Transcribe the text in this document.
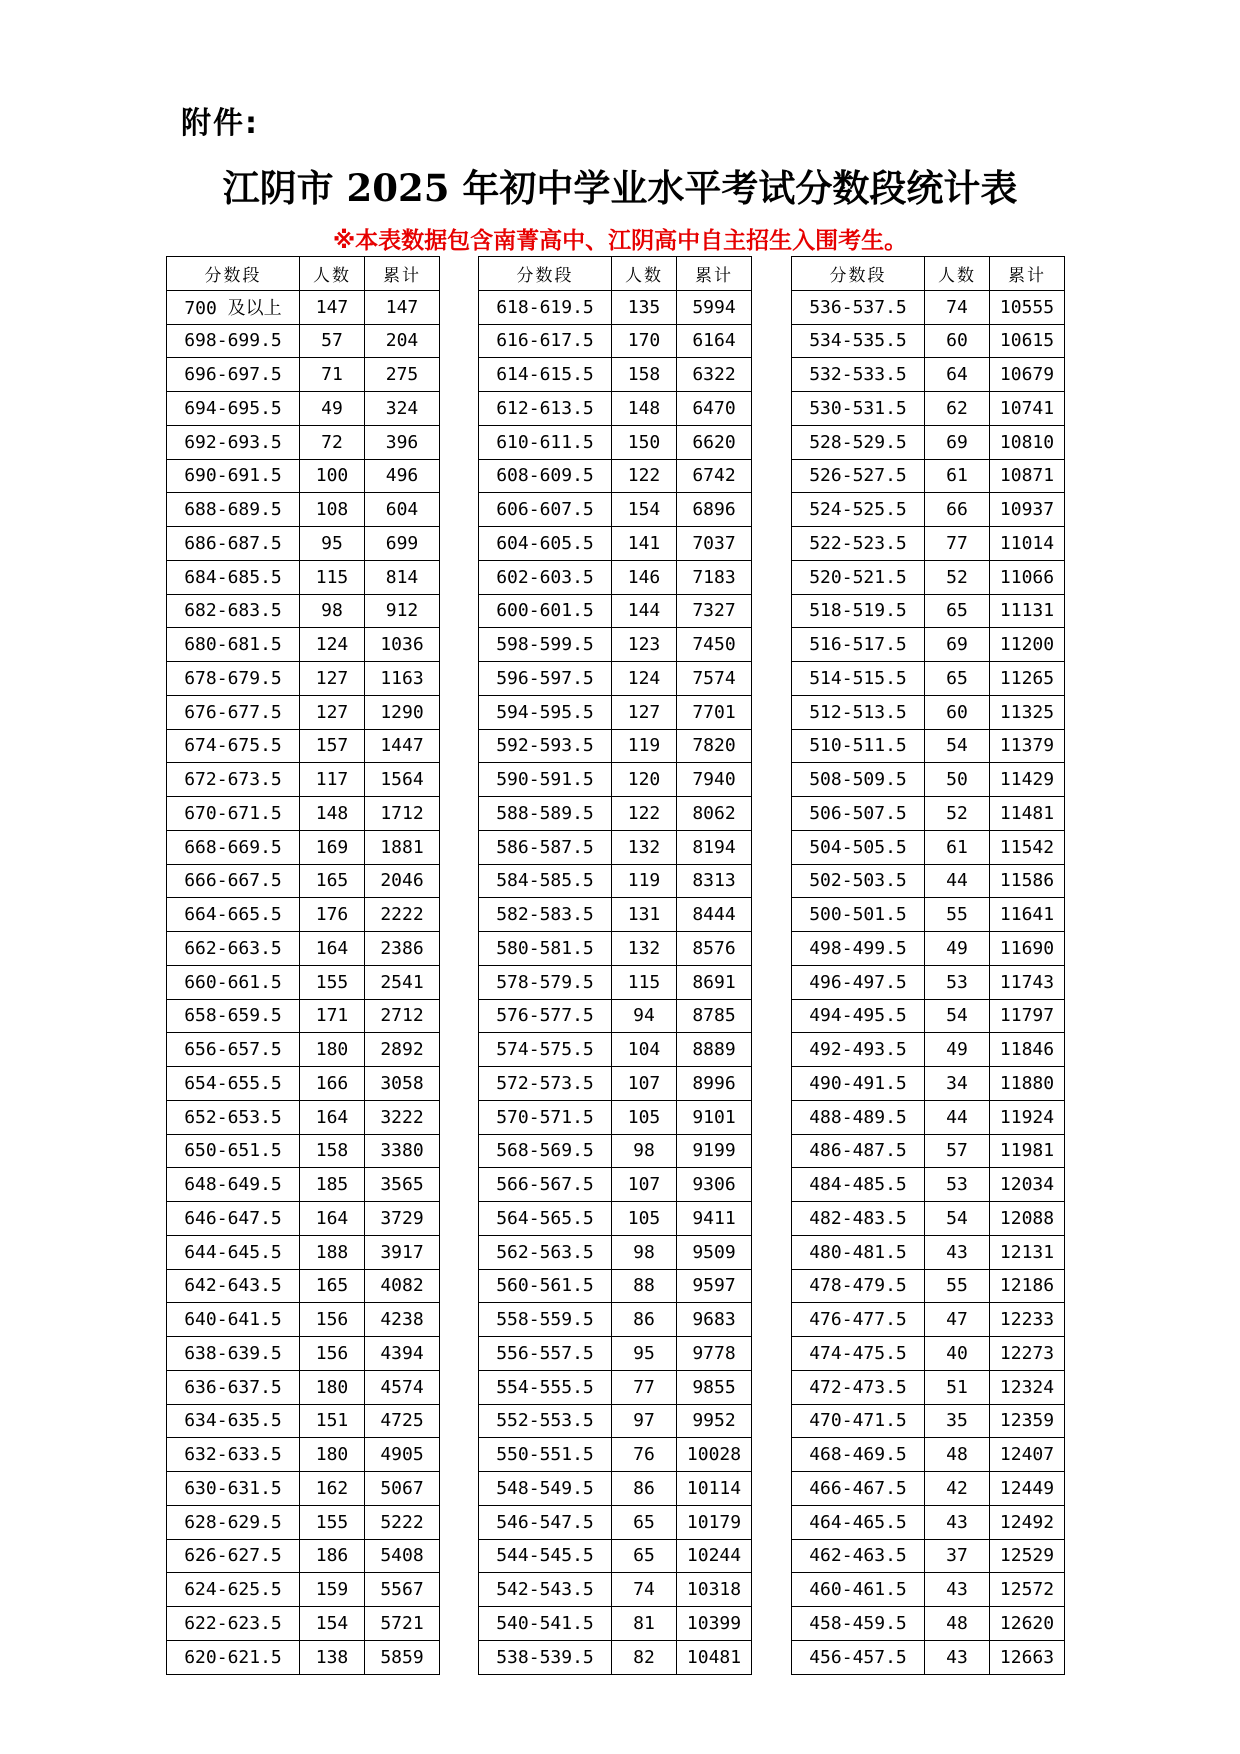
附件:
江阴市 2025 年初中学业水平考试分数段统计表
※本表数据包含南菁高中、江阴高中自主招生入围考生。
分数段	人数	累计
700 及以上	147	147
698-699.5	57	204
696-697.5	71	275
694-695.5	49	324
692-693.5	72	396
690-691.5	100	496
688-689.5	108	604
686-687.5	95	699
684-685.5	115	814
682-683.5	98	912
680-681.5	124	1036
678-679.5	127	1163
676-677.5	127	1290
674-675.5	157	1447
672-673.5	117	1564
670-671.5	148	1712
668-669.5	169	1881
666-667.5	165	2046
664-665.5	176	2222
662-663.5	164	2386
660-661.5	155	2541
658-659.5	171	2712
656-657.5	180	2892
654-655.5	166	3058
652-653.5	164	3222
650-651.5	158	3380
648-649.5	185	3565
646-647.5	164	3729
644-645.5	188	3917
642-643.5	165	4082
640-641.5	156	4238
638-639.5	156	4394
636-637.5	180	4574
634-635.5	151	4725
632-633.5	180	4905
630-631.5	162	5067
628-629.5	155	5222
626-627.5	186	5408
624-625.5	159	5567
622-623.5	154	5721
620-621.5	138	5859
分数段	人数	累计
618-619.5	135	5994
616-617.5	170	6164
614-615.5	158	6322
612-613.5	148	6470
610-611.5	150	6620
608-609.5	122	6742
606-607.5	154	6896
604-605.5	141	7037
602-603.5	146	7183
600-601.5	144	7327
598-599.5	123	7450
596-597.5	124	7574
594-595.5	127	7701
592-593.5	119	7820
590-591.5	120	7940
588-589.5	122	8062
586-587.5	132	8194
584-585.5	119	8313
582-583.5	131	8444
580-581.5	132	8576
578-579.5	115	8691
576-577.5	94	8785
574-575.5	104	8889
572-573.5	107	8996
570-571.5	105	9101
568-569.5	98	9199
566-567.5	107	9306
564-565.5	105	9411
562-563.5	98	9509
560-561.5	88	9597
558-559.5	86	9683
556-557.5	95	9778
554-555.5	77	9855
552-553.5	97	9952
550-551.5	76	10028
548-549.5	86	10114
546-547.5	65	10179
544-545.5	65	10244
542-543.5	74	10318
540-541.5	81	10399
538-539.5	82	10481
分数段	人数	累计
536-537.5	74	10555
534-535.5	60	10615
532-533.5	64	10679
530-531.5	62	10741
528-529.5	69	10810
526-527.5	61	10871
524-525.5	66	10937
522-523.5	77	11014
520-521.5	52	11066
518-519.5	65	11131
516-517.5	69	11200
514-515.5	65	11265
512-513.5	60	11325
510-511.5	54	11379
508-509.5	50	11429
506-507.5	52	11481
504-505.5	61	11542
502-503.5	44	11586
500-501.5	55	11641
498-499.5	49	11690
496-497.5	53	11743
494-495.5	54	11797
492-493.5	49	11846
490-491.5	34	11880
488-489.5	44	11924
486-487.5	57	11981
484-485.5	53	12034
482-483.5	54	12088
480-481.5	43	12131
478-479.5	55	12186
476-477.5	47	12233
474-475.5	40	12273
472-473.5	51	12324
470-471.5	35	12359
468-469.5	48	12407
466-467.5	42	12449
464-465.5	43	12492
462-463.5	37	12529
460-461.5	43	12572
458-459.5	48	12620
456-457.5	43	12663
